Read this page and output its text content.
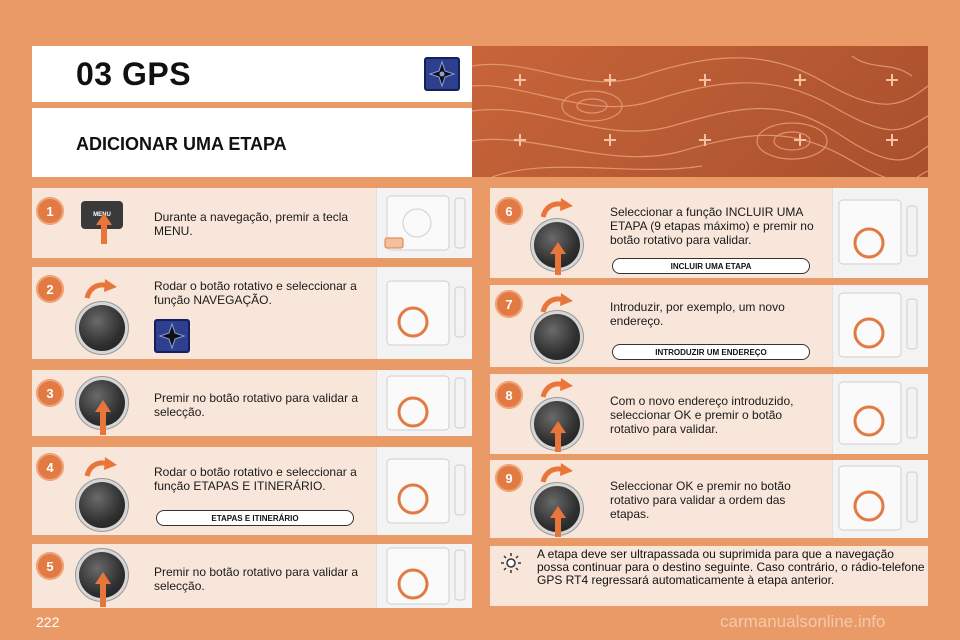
03 GPS
ADICIONAR UMA ETAPA
1	MENU	Durante a navegação, premir a tecla MENU.
2	Rodar o botão rotativo e seleccionar a função NAVEGAÇÃO.
3	Premir no botão rotativo para validar a selecção.
4	Rodar o botão rotativo e seleccionar a função ETAPAS E ITINERÁRIO.
ETAPAS E ITINERÁRIO
5	Premir no botão rotativo para validar a selecção.
6	Seleccionar a função INCLUIR UMA ETAPA (9 etapas máximo) e premir no botão rotativo para validar.
INCLUIR UMA ETAPA
7	Introduzir, por exemplo, um novo endereço.
INTRODUZIR UM ENDEREÇO
8	Com o novo endereço introduzido, seleccionar OK e premir o botão rotativo para validar.
9
Seleccionar OK e premir no botão rotativo para validar a ordem das etapas.
A etapa deve ser ultrapassada ou suprimida para que a navegação possa continuar para o destino seguinte. Caso contrário, o rádio-telefone GPS RT4 regressará automaticamente à etapa anterior.
222	carmanualsonline.info
